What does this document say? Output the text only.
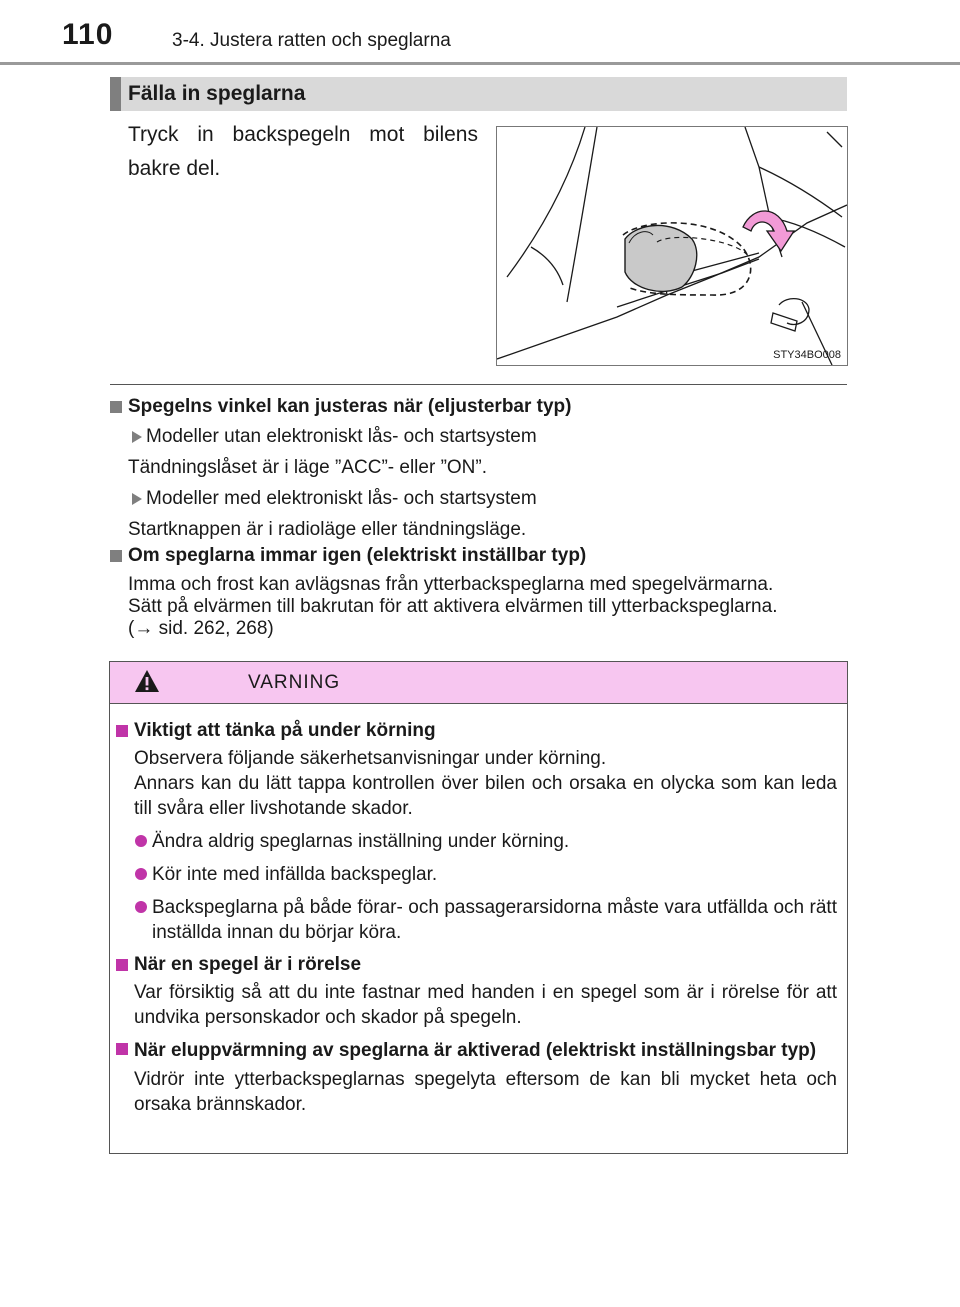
110	3-4. Justera ratten och speglarna
Fälla in speglarna
Tryck in backspegeln mot bilens bakre del.
STY34BO008
Spegelns vinkel kan justeras när (eljusterbar typ)
Modeller utan elektroniskt lås- och startsystem
Tändningslåset är i läge ”ACC”- eller ”ON”.
Modeller med elektroniskt lås- och startsystem
Startknappen är i radioläge eller tändningsläge.
Om speglarna immar igen (elektriskt inställbar typ)
Imma och frost kan avlägsnas från ytterbackspeglarna med spegelvärmarna.
Sätt på elvärmen till bakrutan för att aktivera elvärmen till ytterbackspeglarna.
(→ sid. 262, 268)
VARNING
Viktigt att tänka på under körning
Observera följande säkerhetsanvisningar under körning.
Annars kan du lätt tappa kontrollen över bilen och orsaka en olycka som kan leda till svåra eller livshotande skador.
Ändra aldrig speglarnas inställning under körning.
Kör inte med infällda backspeglar.
Backspeglarna på både förar- och passagerarsidorna måste vara utfällda och rätt inställda innan du börjar köra.
När en spegel är i rörelse
Var försiktig så att du inte fastnar med handen i en spegel som är i rörelse för att undvika personskador och skador på spegeln.
När eluppvärmning av speglarna är aktiverad (elektriskt inställningsbar typ)
Vidrör inte ytterbackspeglarnas spegelyta eftersom de kan bli mycket heta och orsaka brännskador.
